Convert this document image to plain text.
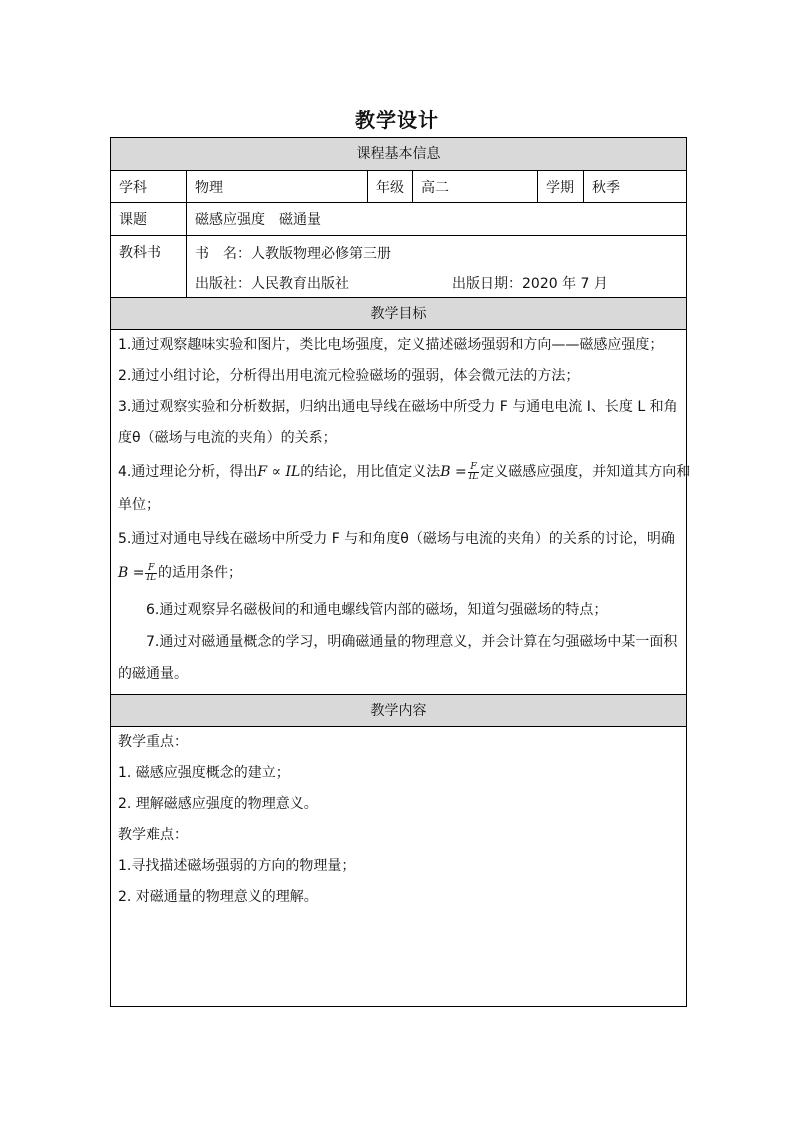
教学设计
课程基本信息
学科	物理	年级	高二	学期	秋季
课题	磁感应强度　磁通量
教科书	书　名：人教版物理必修第三册
出版社：人民教育出版社	出版日期：2020 年 7 月
教学目标
1.通过观察趣味实验和图片，类比电场强度，定义描述磁场强弱和方向——磁感应强度；
2.通过小组讨论，分析得出用电流元检验磁场的强弱，体会微元法的方法；
3.通过观察实验和分析数据，归纳出通电导线在磁场中所受力 F 与通电电流 I、长度 L 和角
度θ（磁场与电流的夹角）的关系；
4.通过理论分析，得出F ∝ IL的结论，用比值定义法$B = \frac{F}{IL}$ 定义磁感应强度，并知道其方向和
单位；
5.通过对通电导线在磁场中所受力 F 与和角度θ（磁场与电流的夹角）的关系的讨论，明确
$B = \frac{F}{IL}$ 的适用条件；
6.通过观察异名磁极间的和通电螺线管内部的磁场，知道匀强磁场的特点；
7.通过对磁通量概念的学习，明确磁通量的物理意义，并会计算在匀强磁场中某一面积
的磁通量。
教学内容
教学重点：
1. 磁感应强度概念的建立；
2. 理解磁感应强度的物理意义。
教学难点：
1.寻找描述磁场强弱的方向的物理量；
2. 对磁通量的物理意义的理解。
